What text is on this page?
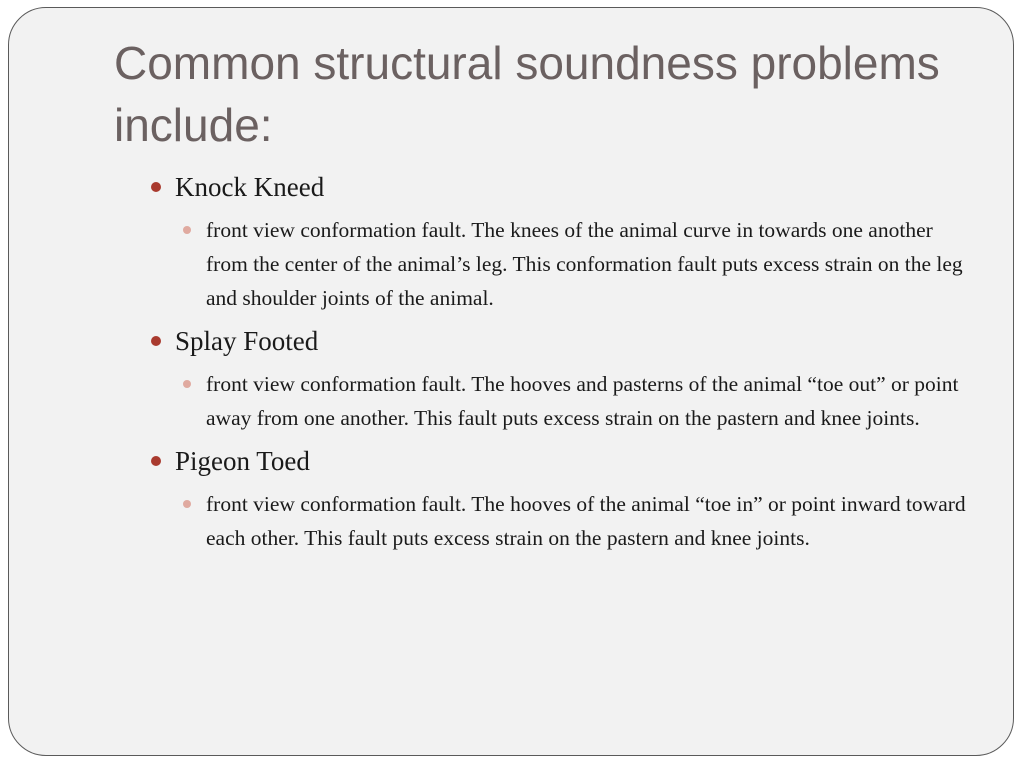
Common structural soundness problems include:
Knock Kneed
front view conformation fault. The knees of the animal curve in towards one another from the center of the animal’s leg. This conformation fault puts excess strain on the leg and shoulder joints of the animal.
Splay Footed
front view conformation fault. The hooves and pasterns of the animal “toe out” or point away from one another. This fault puts excess strain on the pastern and knee joints.
Pigeon Toed
front view conformation fault. The hooves of the animal “toe in” or point inward toward each other. This fault puts excess strain on the pastern and knee joints.
